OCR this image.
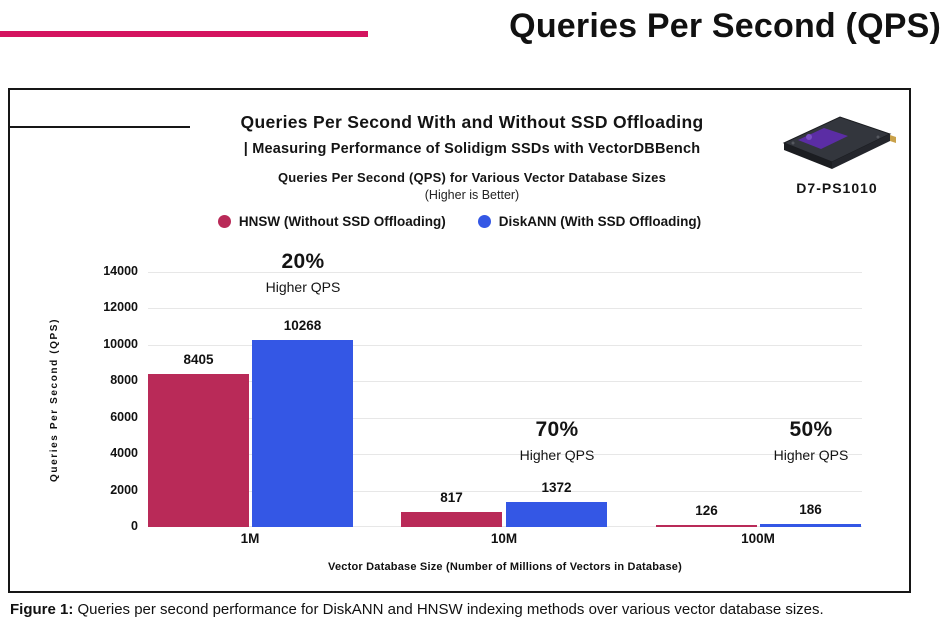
Queries Per Second (QPS)
Queries Per Second With and Without SSD Offloading
| Measuring Performance of Solidigm SSDs with VectorDBBench
Queries Per Second (QPS) for Various Vector Database Sizes
(Higher is Better)	D7-PS1010
HNSW (Without SSD Offloading)	DiskANN (With SSD Offloading)
Queries Per Second (QPS)
14000
12000
10000
8000
6000
4000
2000
0
8405
10268
817
1372
126	186
1M	10M	100M
Vector Database Size (Number of Millions of Vectors in Database)
20%
Higher QPS
70%
Higher QPS
50%
Higher QPS
Figure 1: Queries per second performance for DiskANN and HNSW indexing methods over various vector database sizes.
